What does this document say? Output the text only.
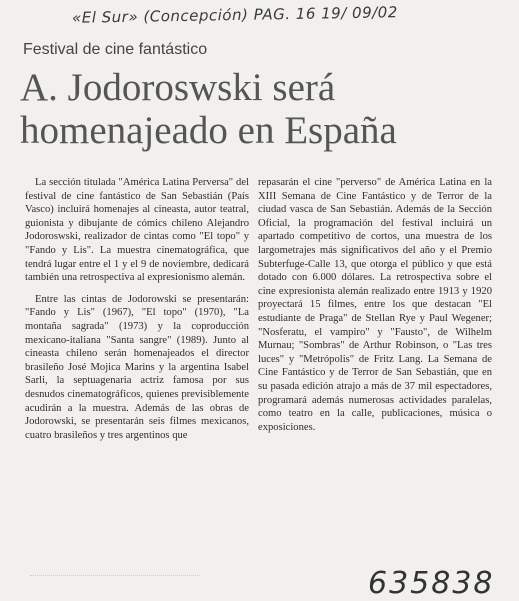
«El Sur» (Concepción) PAG. 16 19/ 09/02
Festival de cine fantástico
A. Jodoroswski será homenajeado en España

La sección titulada "América Latina Perversa" del festival de cine fantástico de San Sebastián (País Vasco) incluirá homenajes al cineasta, autor teatral, guionista y dibujante de cómics chileno Alejandro Jodoroswski, realizador de cintas como "El topo" y "Fando y Lis". La muestra cinematográfica, que tendrá lugar entre el 1 y el 9 de noviembre, dedicará también una retrospectiva al expresionismo alemán.

Entre las cintas de Jodorowski se presentarán: "Fando y Lis" (1967), "El topo" (1970), "La montaña sagrada" (1973) y la coproducción mexicano-italiana "Santa sangre" (1989). Junto al cineasta chileno serán homenajeados el director brasileño José Mojica Marins y la argentina Isabel Sarli, la septuagenaria actriz famosa por sus desnudos cinematográficos, quienes previsiblemente acudirán a la muestra. Además de las obras de Jodorowski, se presentarán seis filmes mexicanos, cuatro brasileños y tres argentinos que

repasarán el cine "perverso" de América Latina en la XIII Semana de Cine Fantástico y de Terror de la ciudad vasca de San Sebastián. Además de la Sección Oficial, la programación del festival incluirá un apartado competitivo de cortos, una muestra de los largometrajes más significativos del año y el Premio Subterfuge-Calle 13, que otorga el público y que está dotado con 6.000 dólares. La retrospectiva sobre el cine expresionista alemán realizado entre 1913 y 1920 proyectará 15 filmes, entre los que destacan "El estudiante de Praga" de Stellan Rye y Paul Wegener; "Nosferatu, el vampiro" y "Fausto", de Wilhelm Murnau; "Sombras" de Arthur Robinson, o "Las tres luces" y "Metrópolis" de Fritz Lang. La Semana de Cine Fantástico y de Terror de San Sebastián, que en su pasada edición atrajo a más de 37 mil espectadores, programará además numerosas actividades paralelas, como teatro en la calle, publicaciones, música o exposiciones.

635838
